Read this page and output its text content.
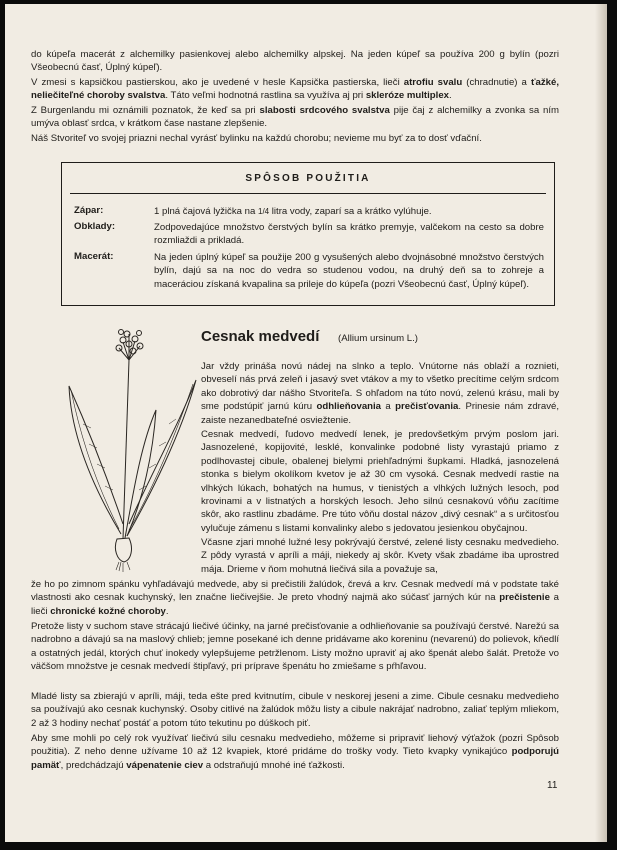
do kúpeľa macerát z alchemilky pasienkovej alebo alchemilky alpskej. Na jeden kúpeľ sa používa 200 g bylín (pozri Všeobecnú časť, Úplný kúpeľ).

V zmesi s kapsičkou pastierskou, ako je uvedené v hesle Kapsička pastierska, lieči atrofiu svalu (chradnutie) a ťažké, neliečiteľné choroby svalstva. Táto veľmi hodnotná rastlina sa využíva aj pri skleróze multiplex.

Z Burgenlandu mi oznámili poznatok, že keď sa pri slabosti srdcového svalstva pije čaj z alchemilky a zvonka sa ním umýva oblasť srdca, v krátkom čase nastane zlepšenie.

Náš Stvoriteľ vo svojej priazni nechal vyrásť bylinku na každú chorobu; nevieme mu byť za to dosť vďační.

SPÔSOB POUŽITIA
Zápar:	1 plná čajová lyžička na 1/4 litra vody, zaparí sa a krátko vylúhuje.
Obklady:	Zodpovedajúce množstvo čerstvých bylín sa krátko premyje, valčekom na cesto sa dobre rozmliaždi a prikladá.
Macerát:	Na jeden úplný kúpeľ sa použije 200 g vysušených alebo dvojnásobné množstvo čerstvých bylín, dajú sa na noc do vedra so studenou vodou, na druhý deň sa to zohreje a maceráciou získaná kvapalina sa prileje do kúpeľa (pozri Všeobecnú časť, Úplný kúpeľ).
Cesnak medvedí (Allium ursinum L.)

Jar vždy prináša novú nádej na slnko a teplo. Vnútorne nás oblaží a roznieti, obveselí nás prvá zeleň i jasavý svet vtákov a my to všetko precítime celým srdcom ako dobrotivý dar nášho Stvoriteľa. S ohľadom na túto novú, zelenú krásu, mali by sme podstúpiť jarnú kúru odhlieňovania a prečisťovania. Prinesie nám zdravé, zaiste nezanedbateľné osviežtenie.

Cesnak medvedí, ľudovo medvedí lenek, je predovšetkým prvým poslom jari. Jasnozelené, kopijovité, lesklé, konvalinke podobné listy vyrastajú priamo z podlhovastej cibule, obalenej bielymi priehľadnými šupkami. Hladká, jasnozelená stonka s bielym okolíkom kvetov je až 30 cm vysoká. Cesnak medvedí rastie na vlhkých lúkach, bohatých na humus, v tienistých a vlhkých lužných lesoch, pod krovinami a v listnatých a horských lesoch. Jeho silnú cesnakovú vôňu zacítime skôr, ako rastlinu zbadáme. Pre túto vôňu dostal názov „divý cesnak“ a s určitosťou vylučuje zámenu s listami konvalinky alebo s jedovatou jesienkou obyčajnou.

Včasne zjari mnohé lužné lesy pokrývajú čerstvé, zelené listy cesnaku medvedieho. Z pôdy vyrastá v apríli a máji, niekedy aj skôr. Kvety však zbadáme iba uprostred mája. Drieme v ňom mohutná liečivá sila a považuje sa,

že ho po zimnom spánku vyhľadávajú medvede, aby si prečistili žalúdok, črevá a krv. Cesnak medvedí má v podstate také vlastnosti ako cesnak kuchynský, len značne liečivejšie. Je preto vhodný najmä ako súčasť jarných kúr na prečistenie a lieči chronické kožné choroby.

Pretože listy v suchom stave strácajú liečivé účinky, na jarné prečisťovanie a odhlieňovanie sa používajú čerstvé. Narežú sa nadrobno a dávajú sa na maslový chlieb; jemne posekané ich denne pridávame ako koreninu (nevarenú) do polievok, kňedlí a ostatných jedál, ktorých chuť inokedy vylepšujeme petržlenom. Listy možno upraviť aj ako špenát alebo šalát. Pretože vo väčšom množstve je cesnak medvedí štipľavý, pri príprave špenátu ho zmiešame s pŕhľavou.

Mladé listy sa zbierajú v apríli, máji, teda ešte pred kvitnutím, cibule v neskorej jeseni a zime. Cibule cesnaku medvedieho sa používajú ako cesnak kuchynský. Osoby citlivé na žalúdok môžu listy a cibule nakrájať nadrobno, zaliať teplým mliekom, 2 až 3 hodiny nechať postáť a potom túto tekutinu po dúškoch piť.

Aby sme mohli po celý rok využívať liečivú silu cesnaku medvedieho, môžeme si pripraviť liehový výťažok (pozri Spôsob použitia). Z neho denne užívame 10 až 12 kvapiek, ktoré pridáme do trošky vody. Tieto kvapky vynikajúco podporujú pamäť, predchádzajú vápenatenie ciev a odstraňujú mnohé iné ťažkosti.

11
